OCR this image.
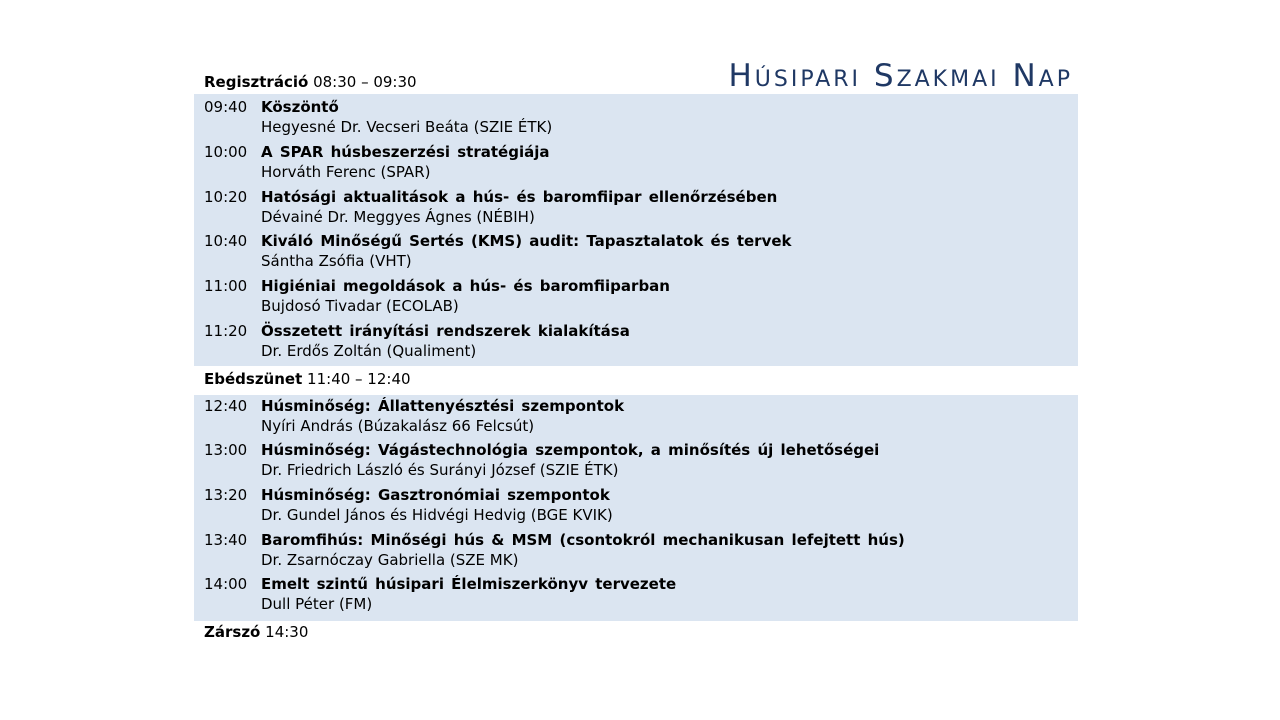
Húsipari Szakmai Nap
Regisztráció 08:30 – 09:30
09:40 Köszöntő
Hegyesné Dr. Vecseri Beáta (SZIE ÉTK)
10:00 A SPAR húsbeszerzési stratégiája
Horváth Ferenc (SPAR)
10:20 Hatósági aktualitások a hús- és baromfiipar ellenőrzésében
Dévainé Dr. Meggyes Ágnes (NÉBIH)
10:40 Kiváló Minőségű Sertés (KMS) audit: Tapasztalatok és tervek
Sántha Zsófia (VHT)
11:00 Higiéniai megoldások a hús- és baromfiiparban
Bujdosó Tivadar (ECOLAB)
11:20 Összetett irányítási rendszerek kialakítása
Dr. Erdős Zoltán (Qualiment)
Ebédszünet 11:40 – 12:40
12:40 Húsminőség: Állattenyésztési szempontok
Nyíri András (Búzakalász 66 Felcsút)
13:00 Húsminőség: Vágástechnológia szempontok, a minősítés új lehetőségei
Dr. Friedrich László és Surányi József (SZIE ÉTK)
13:20 Húsminőség: Gasztronómiai szempontok
Dr. Gundel János és Hidvégi Hedvig (BGE KVIK)
13:40 Baromfihús: Minőségi hús & MSM (csontokról mechanikusan lefejtett hús)
Dr. Zsarnóczay Gabriella (SZE MK)
14:00 Emelt szintű húsipari Élelmiszerkönyv tervezete
Dull Péter (FM)
Zárszó 14:30
